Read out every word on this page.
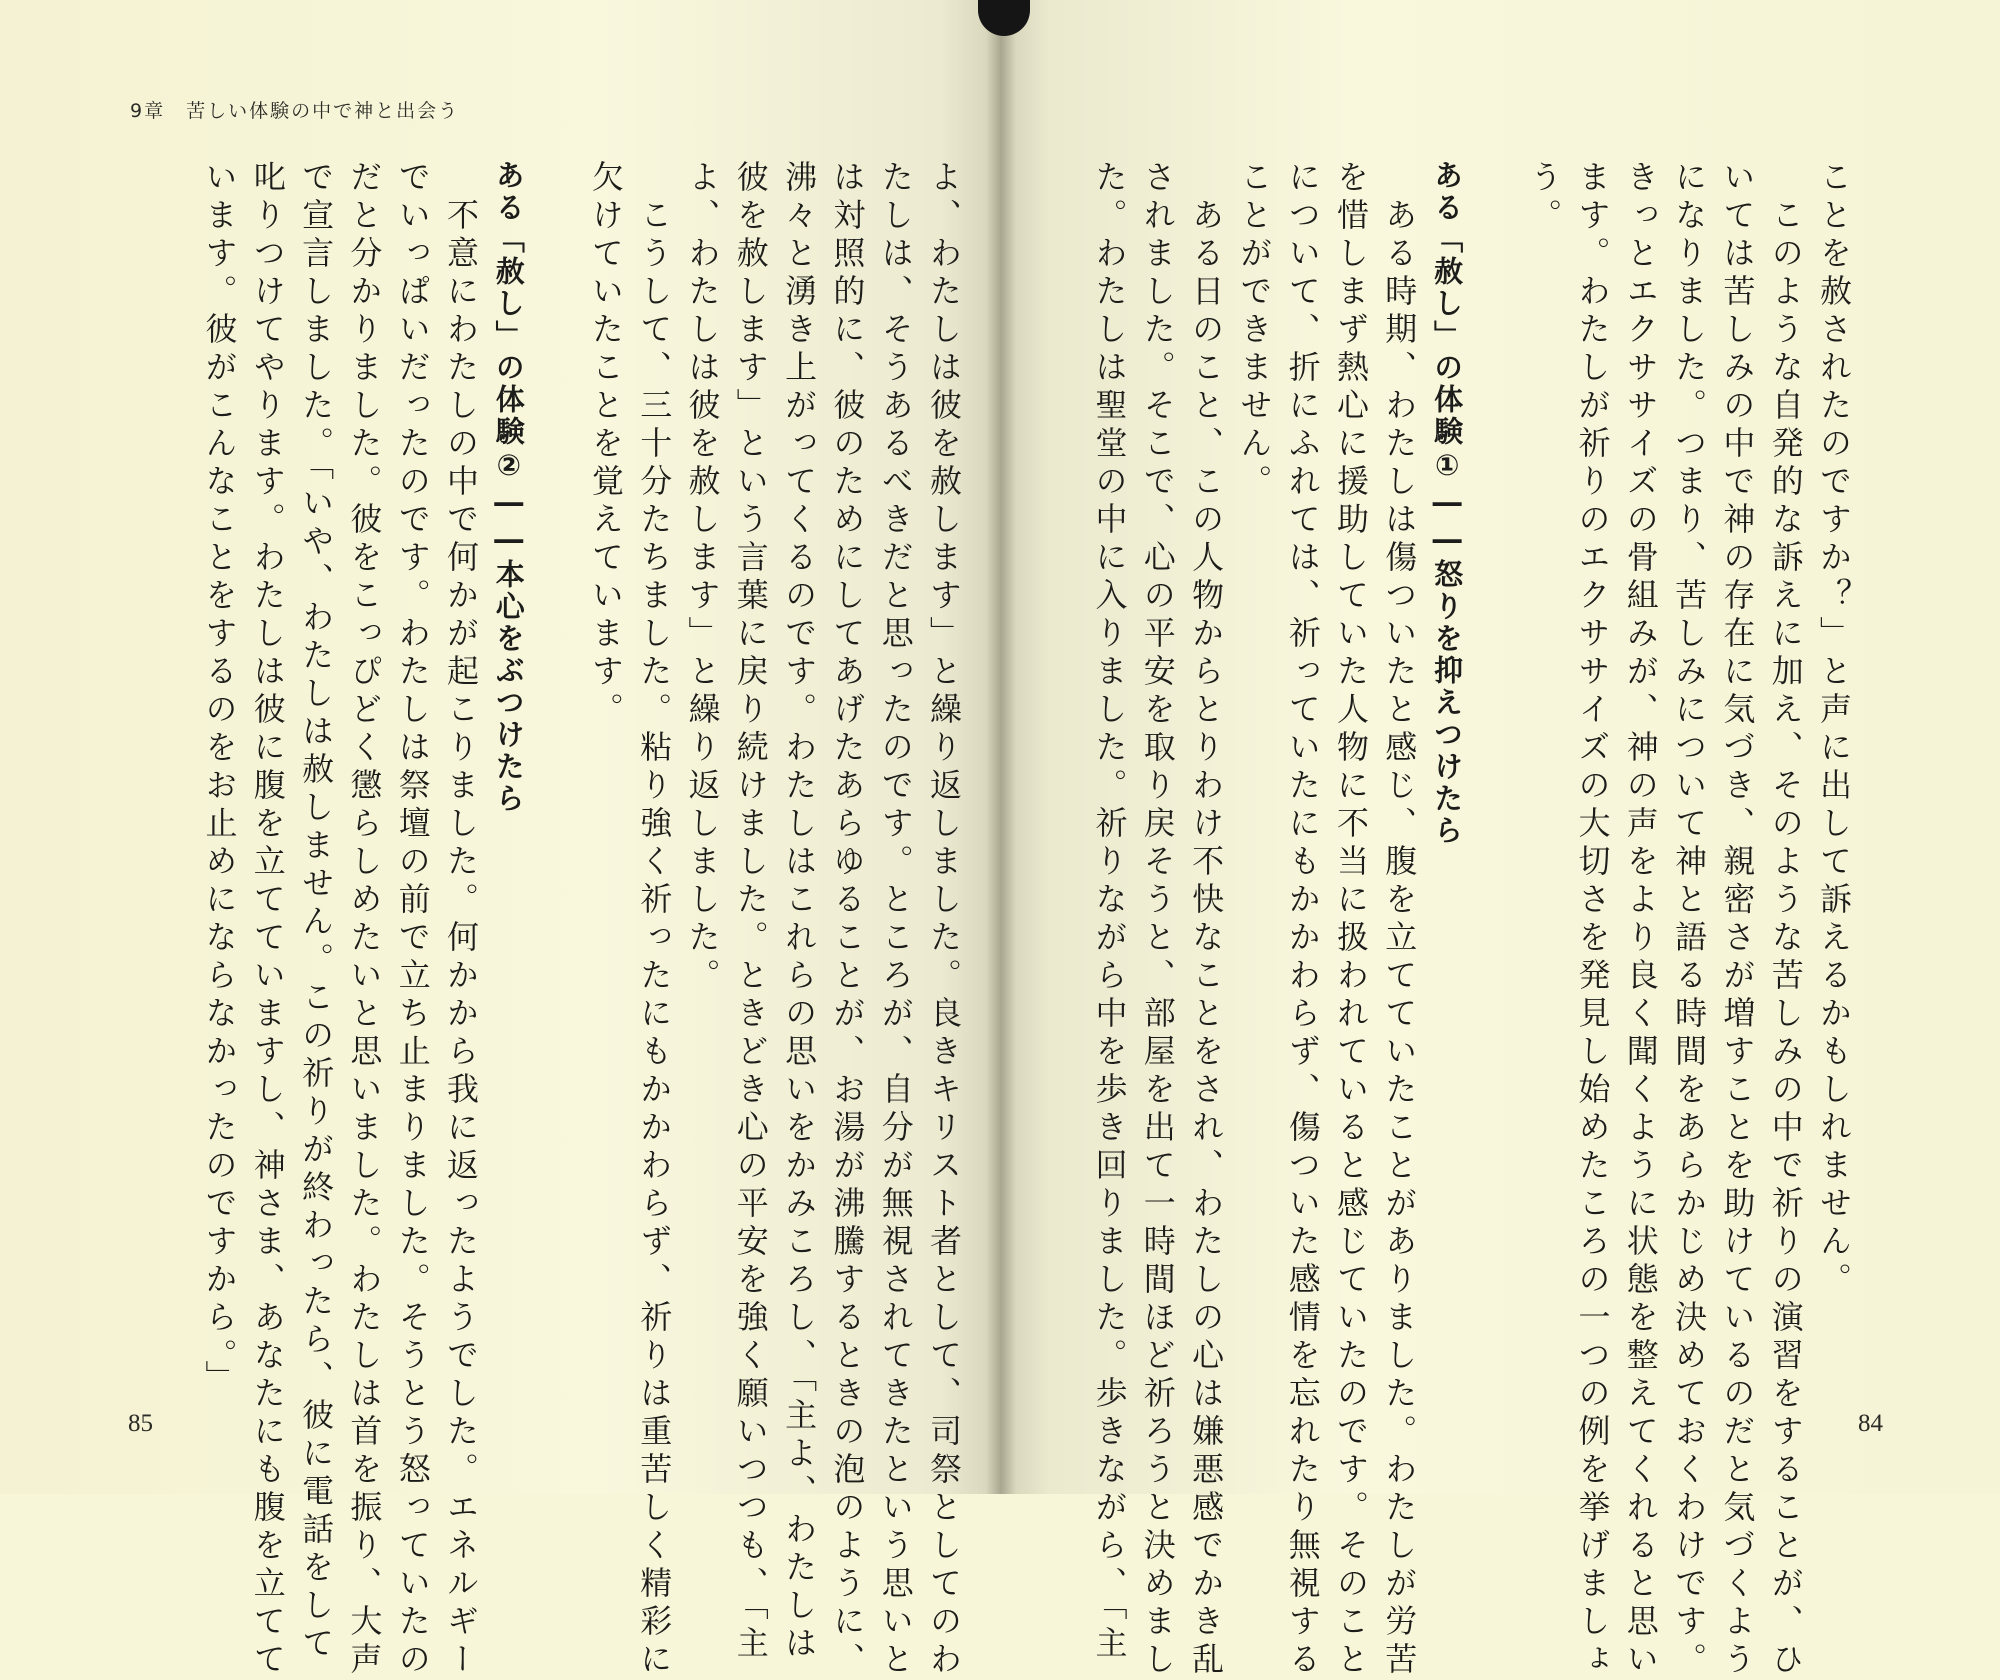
9章　苦しい体験の中で神と出会う
ことを赦されたのですか？」と声に出して訴えるかもしれません。
　このような自発的な訴えに加え、そのような苦しみの中で祈りの演習をすることが、ひ
いては苦しみの中で神の存在に気づき、親密さが増すことを助けているのだと気づくよう
になりました。つまり、苦しみについて神と語る時間をあらかじめ決めておくわけです。
きっとエクササイズの骨組みが、神の声をより良く聞くように状態を整えてくれると思い
ます。わたしが祈りのエクササイズの大切さを発見し始めたころの一つの例を挙げましょ
う。
ある「赦し」の体験①――怒りを抑えつけたら
　ある時期、わたしは傷ついたと感じ、腹を立てていたことがありました。わたしが労苦
を惜しまず熱心に援助していた人物に不当に扱われていると感じていたのです。そのこと
について、折にふれては、祈っていたにもかかわらず、傷ついた感情を忘れたり無視する
ことができません。
　ある日のこと、この人物からとりわけ不快なことをされ、わたしの心は嫌悪感でかき乱
されました。そこで、心の平安を取り戻そうと、部屋を出て一時間ほど祈ろうと決めまし
た。わたしは聖堂の中に入りました。祈りながら中を歩き回りました。歩きながら、「主
よ、わたしは彼を赦します」と繰り返しました。良きキリスト者として、司祭としてのわ
たしは、そうあるべきだと思ったのです。ところが、自分が無視されてきたという思いと
は対照的に、彼のためにしてあげたあらゆることが、お湯が沸騰するときの泡のように、
沸々と湧き上がってくるのです。わたしはこれらの思いをかみころし、「主よ、わたしは
彼を赦します」という言葉に戻り続けました。ときどき心の平安を強く願いつつも、「主
よ、わたしは彼を赦します」と繰り返しました。
　こうして、三十分たちました。粘り強く祈ったにもかかわらず、祈りは重苦しく精彩に
欠けていたことを覚えています。
ある「赦し」の体験②――本心をぶつけたら
　不意にわたしの中で何かが起こりました。何かから我に返ったようでした。エネルギー
でいっぱいだったのです。わたしは祭壇の前で立ち止まりました。そうとう怒っていたの
だと分かりました。彼をこっぴどく懲らしめたいと思いました。わたしは首を振り、大声
で宣言しました。「いや、わたしは赦しません。この祈りが終わったら、彼に電話をして
叱りつけてやります。わたしは彼に腹を立てていますし、神さま、あなたにも腹を立てて
います。彼がこんなことをするのをお止めにならなかったのですから。」
85	84
